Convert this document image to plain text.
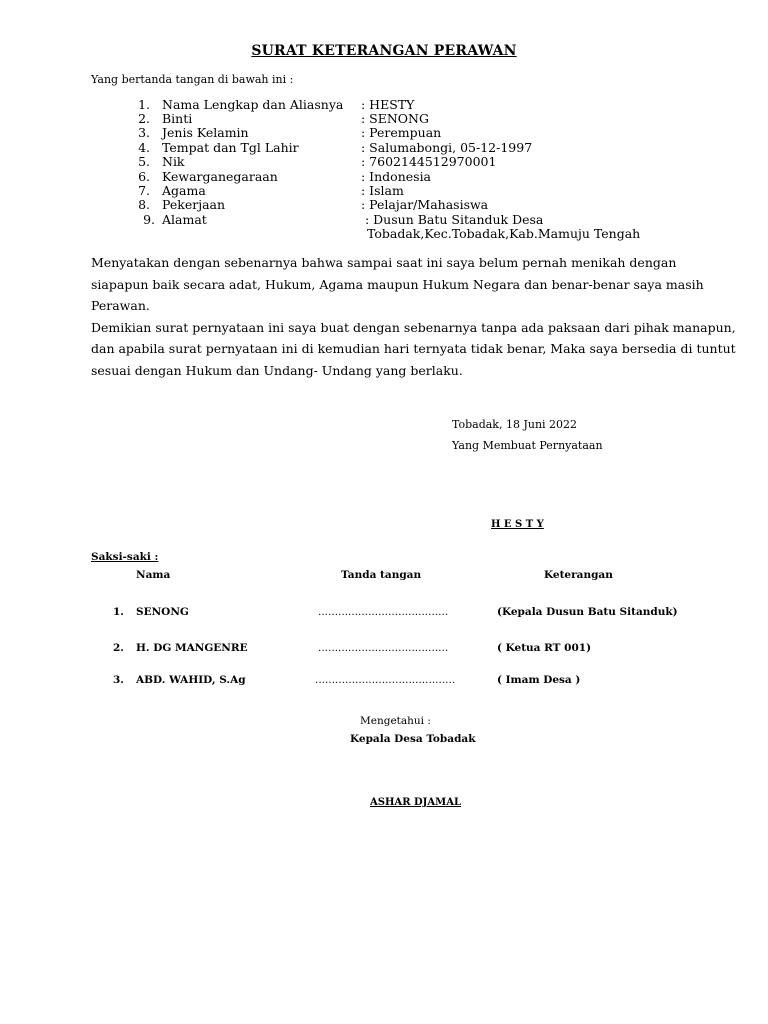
SURAT KETERANGAN PERAWAN
Yang bertanda tangan di bawah ini :
1. Nama Lengkap dan Aliasnya : HESTY
2. Binti	: SENONG
3. Jenis Kelamin	: Perempuan
4. Tempat dan Tgl Lahir	: Salumabongi, 05-12-1997
5. Nik	: 7602144512970001
6. Kewarganegaraan	: Indonesia
7. Agama	: Islam
8. Pekerjaan	: Pelajar/Mahasiswa
9. Alamat	: Dusun Batu Sitanduk Desa
Tobadak,Kec.Tobadak,Kab.Mamuju Tengah
Menyatakan dengan sebenarnya bahwa sampai saat ini saya belum pernah menikah dengan
siapapun baik secara adat, Hukum, Agama maupun Hukum Negara dan benar-benar saya masih
Perawan.
Demikian surat pernyataan ini saya buat dengan sebenarnya tanpa ada paksaan dari pihak manapun,
dan apabila surat pernyataan ini di kemudian hari ternyata tidak benar, Maka saya bersedia di tuntut
sesuai dengan Hukum dan Undang- Undang yang berlaku.
Tobadak, 18 Juni 2022
Yang Membuat Pernyataan
H E S T Y
Saksi-saki :
Nama	Tanda tangan	Keterangan
1. SENONG	.......................................	(Kepala Dusun Batu Sitanduk)
2. H. DG MANGENRE	.......................................	( Ketua RT 001)
3. ABD. WAHID, S.Ag	..........................................	( Imam Desa )
Mengetahui :
Kepala Desa Tobadak
ASHAR DJAMAL
